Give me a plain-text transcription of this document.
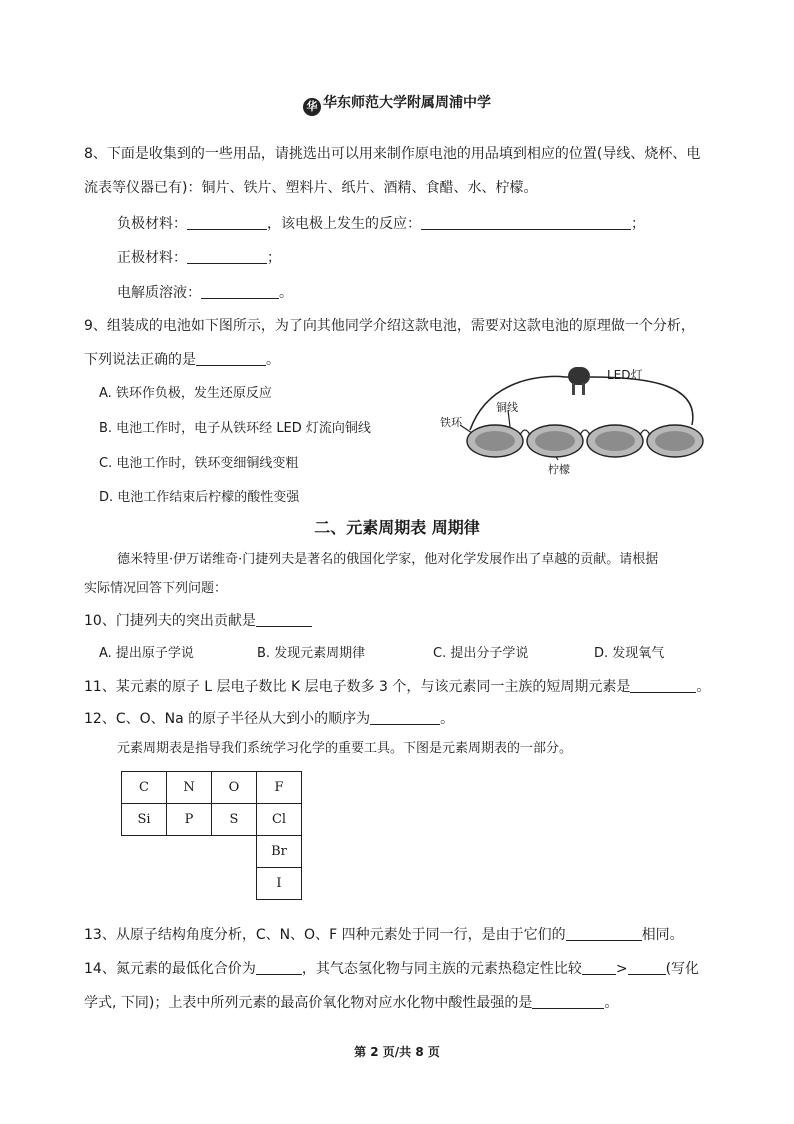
华 华东师范大学附属周浦中学
8、下面是收集到的一些用品，请挑选出可以用来制作原电池的用品填到相应的位置(导线、烧杯、电
流表等仪器已有)：铜片、铁片、塑料片、纸片、酒精、食醋、水、柠檬。
负极材料：	，该电极上发生的反应：	；
正极材料：	；
电解质溶液：	。
9、组装成的电池如下图所示，为了向其他同学介绍这款电池，需要对这款电池的原理做一个分析，
下列说法正确的是	。
A. 铁环作负极，发生还原反应
B. 电池工作时，电子从铁环经 LED 灯流向铜线
C. 电池工作时，铁环变细铜线变粗
D. 电池工作结束后柠檬的酸性变强
LED灯
铜线
铁环
柠檬
二、元素周期表 周期律
德米特里·伊万诺维奇·门捷列夫是著名的俄国化学家，他对化学发展作出了卓越的贡献。请根据
实际情况回答下列问题：
10、门捷列夫的突出贡献是
A. 提出原子学说	B. 发现元素周期律	C. 提出分子学说	D. 发现氧气
11、某元素的原子 L 层电子数比 K 层电子数多 3 个，与该元素同一主族的短周期元素是	。
12、C、O、Na 的原子半径从大到小的顺序为	。
元素周期表是指导我们系统学习化学的重要工具。下图是元素周期表的一部分。
C	N	O	F
Si	P	S	Cl
			Br
			I
13、从原子结构角度分析，C、N、O、F 四种元素处于同一行，是由于它们的	相同。
14、氮元素的最低化合价为	，其气态氢化物与同主族的元素热稳定性比较 >	(写化
学式, 下同)；上表中所列元素的最高价氧化物对应水化物中酸性最强的是	。
第 2 页/共 8 页
